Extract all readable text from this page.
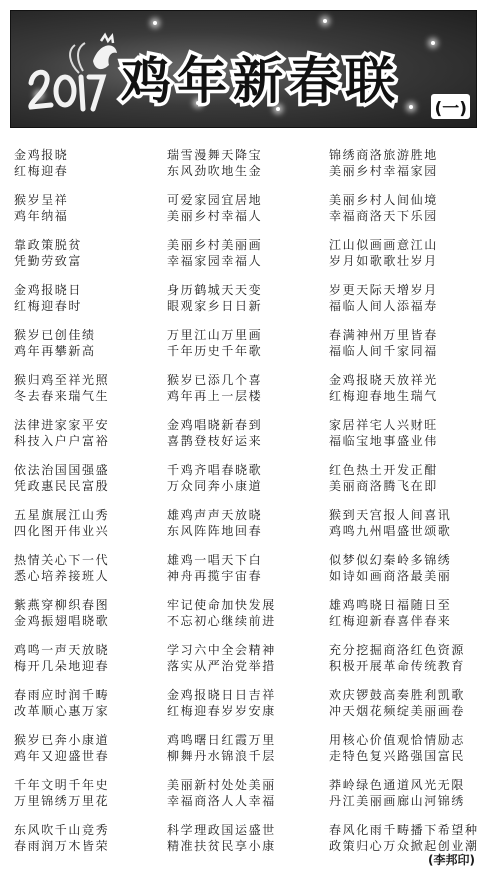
鸡年新春联 (一)
金鸡报晓
红梅迎春
猴岁呈祥
鸡年纳福
靠政策脱贫
凭勤劳致富
金鸡报晓日
红梅迎春时
猴岁已创佳绩
鸡年再攀新高
猴归鸡至祥光照
冬去春来瑞气生
法律进家家平安
科技入户户富裕
依法治国国强盛
凭政惠民民富殷
五星旗展江山秀
四化图开伟业兴
热情关心下一代
悉心培养接班人
紫燕穿柳织春图
金鸡振翅唱晓歌
鸡鸣一声天放晓
梅开几朵地迎春
春雨应时润千畴
改革顺心惠万家
猴岁已奔小康道
鸡年又迎盛世春
千年文明千年史
万里锦绣万里花
东风吹千山竞秀
春雨润万木皆荣
瑞雪漫舞天降宝
东风劲吹地生金
可爱家园宜居地
美丽乡村幸福人
美丽乡村美丽画
幸福家园幸福人
身历鹤城天天变
眼观家乡日日新
万里江山万里画
千年历史千年歌
猴岁已添几个喜
鸡年再上一层楼
金鸡唱晓新春到
喜鹊登枝好运来
千鸡齐唱春晓歌
万众同奔小康道
雄鸡声声天放晓
东风阵阵地回春
雄鸡一唱天下白
神舟再揽宇宙春
牢记使命加快发展
不忘初心继续前进
学习六中全会精神
落实从严治党举措
金鸡报晓日日吉祥
红梅迎春岁岁安康
鸡鸣曙日红霞万里
柳舞丹水锦浪千层
美丽新村处处美丽
幸福商洛人人幸福
科学理政国运盛世
精准扶贫民享小康
锦绣商洛旅游胜地
美丽乡村幸福家园
美丽乡村人间仙境
幸福商洛天下乐园
江山似画画意江山
岁月如歌歌壮岁月
岁更天际天增岁月
福临人间人添福寿
春满神州万里皆春
福临人间千家同福
金鸡报晓天放祥光
红梅迎春地生瑞气
家居祥宅人兴财旺
福临宝地事盛业伟
红色热土开发正酣
美丽商洛腾飞在即
猴到天宫报人间喜讯
鸡鸣九州唱盛世颂歌
似梦似幻秦岭多锦绣
如诗如画商洛最美丽
雄鸡鸣晓日福随日至
红梅迎新春喜伴春来
充分挖掘商洛红色资源
积极开展革命传统教育
欢庆锣鼓高奏胜利凯歌
冲天烟花频绽美丽画卷
用核心价值观恰情励志
走特色复兴路强国富民
莽岭绿色通道风光无限
丹江美丽画廊山河锦绣
春风化雨千畴播下希望种
政策归心万众掀起创业潮
(李邦印)
